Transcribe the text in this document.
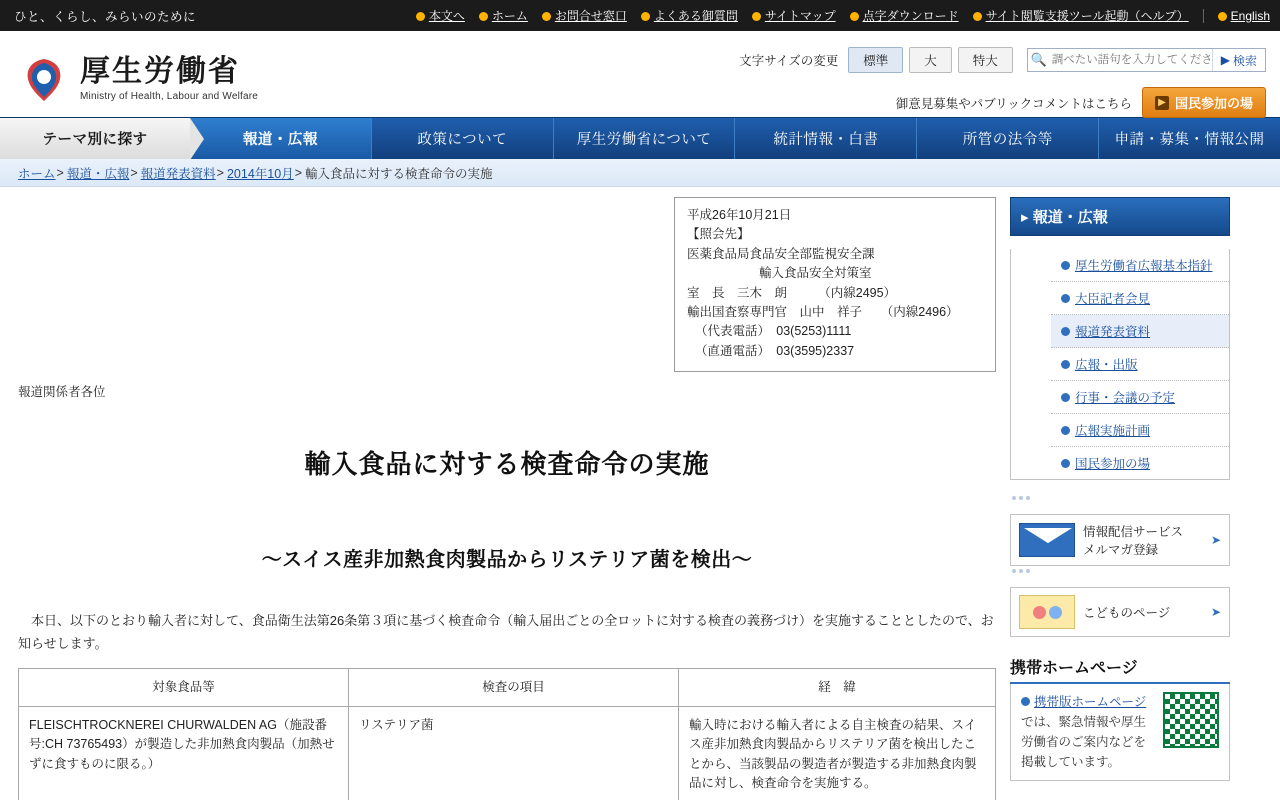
ひと、くらし、みらいのために	本文へ	ホーム	お問合せ窓口	よくある御質問	サイトマップ	点字ダウンロード	サイト閲覧支援ツール起動（ヘルプ）	English
厚生労働省
Ministry of Health, Labour and Welfare
文字サイズの変更	標準	大	特大	🔍
調べたい語句を入力してください	▶ 検索
御意見募集やパブリックコメントはこちら	▶ 国民参加の場
テーマ別に探す	報道・広報	政策について	厚生労働省について	統計情報・白書	所管の法令等	申請・募集・情報公開
ホーム > 報道・広報 > 報道発表資料 > 2014年10月 > 輸入食品に対する検査命令の実施
平成26年10月21日
【照会先】
医薬食品局食品安全部監視安全課
輸入食品安全対策室
室　長　三木　朗　　　（内線2495）
輸出国査察専門官　山中　祥子　　（内線2496）
（代表電話）　03(5253)1111
（直通電話）　03(3595)2337
報道関係者各位
輸入食品に対する検査命令の実施
～スイス産非加熱食肉製品からリステリア菌を検出～

本日、以下のとおり輸入者に対して、食品衛生法第26条第３項に基づく検査命令（輸入届出ごとの全ロットに対する検査の義務づけ）を実施することとしたので、お知らせします。

対象食品等	検査の項目	経　緯
FLEISCHTROCKNEREI CHURWALDEN AG（施設番号:CH 73765493）が製造した非加熱食肉製品（加熱せずに食すものに限る。）	リステリア菌	輸入時における輸入者による自主検査の結果、スイス産非加熱食肉製品からリステリア菌を検出したことから、当該製品の製造者が製造する非加熱食肉製品に対し、検査命令を実施する。
▸ 報道・広報
厚生労働省広報基本指針
大臣記者会見
報道発表資料
広報・出版
行事・会議の予定
広報実施計画
国民参加の場
情報配信サービス
メルマガ登録
➤
こどものページ	➤
携帯ホームページ
携帯版ホームページでは、緊急情報や厚生労働省のご案内などを掲載しています。
